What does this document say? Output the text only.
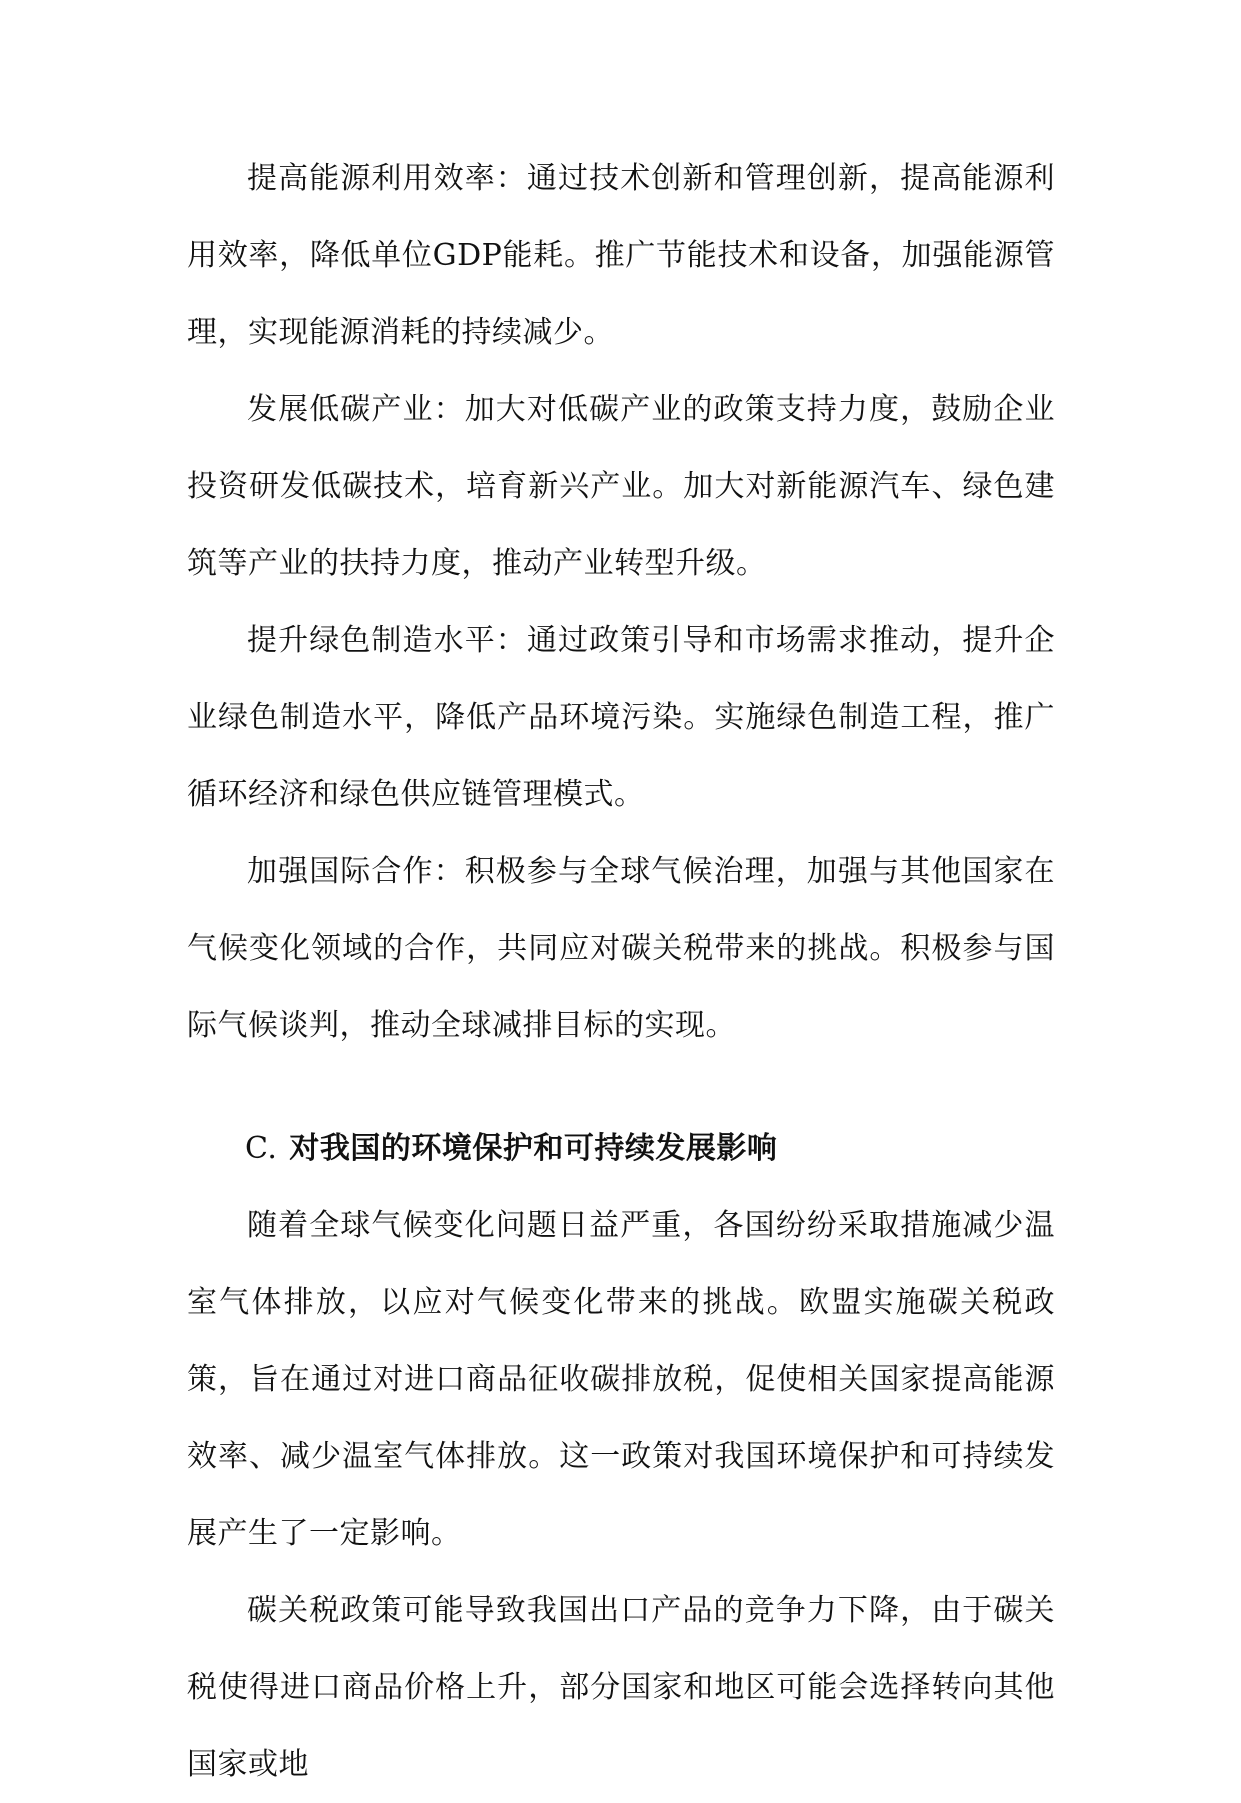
提高能源利用效率：通过技术创新和管理创新，提高能源利用效率，降低单位GDP能耗。推广节能技术和设备，加强能源管理，实现能源消耗的持续减少。

发展低碳产业：加大对低碳产业的政策支持力度，鼓励企业投资研发低碳技术，培育新兴产业。加大对新能源汽车、绿色建筑等产业的扶持力度，推动产业转型升级。

提升绿色制造水平：通过政策引导和市场需求推动，提升企业绿色制造水平，降低产品环境污染。实施绿色制造工程，推广循环经济和绿色供应链管理模式。

加强国际合作：积极参与全球气候治理，加强与其他国家在气候变化领域的合作，共同应对碳关税带来的挑战。积极参与国际气候谈判，推动全球减排目标的实现。

C. 对我国的环境保护和可持续发展影响

随着全球气候变化问题日益严重，各国纷纷采取措施减少温室气体排放，以应对气候变化带来的挑战。欧盟实施碳关税政策，旨在通过对进口商品征收碳排放税，促使相关国家提高能源效率、减少温室气体排放。这一政策对我国环境保护和可持续发展产生了一定影响。

碳关税政策可能导致我国出口产品的竞争力下降，由于碳关税使得进口商品价格上升，部分国家和地区可能会选择转向其他国家或地
